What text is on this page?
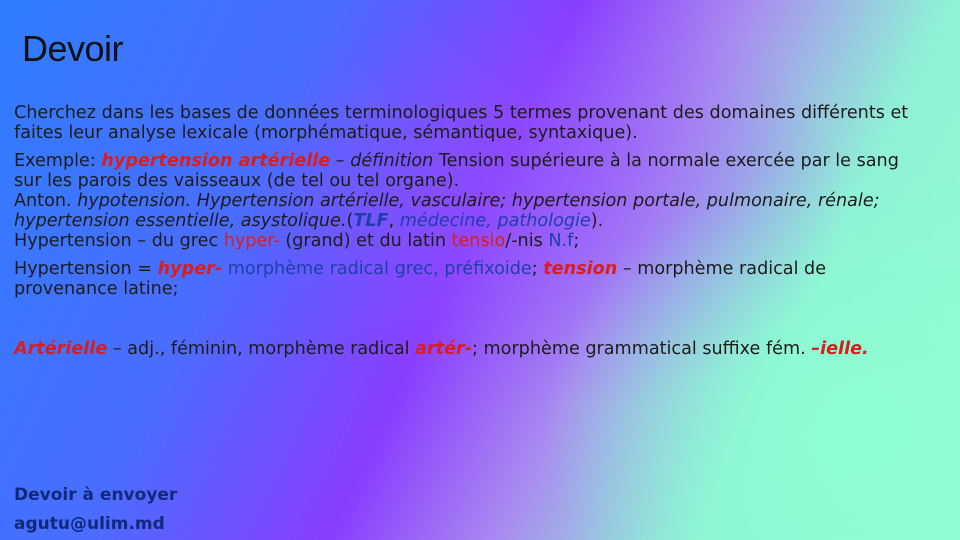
Devoir

Cherchez dans les bases de données terminologiques 5 termes provenant des domaines différents et faites leur analyse lexicale (morphématique, sémantique, syntaxique).

Exemple: hypertension artérielle – définition Tension supérieure à la normale exercée par le sang sur les parois des vaisseaux (de tel ou tel organe).
Anton. hypotension. Hypertension artérielle, vasculaire; hypertension portale, pulmonaire, rénale; hypertension essentielle, asystolique.(TLF, médecine, pathologie).
Hypertension – du grec hyper- (grand) et du latin tensio/-nis N.f;

Hypertension = hyper- morphème radical grec, préfixoide; tension – morphème radical de provenance latine;

Artérielle – adj., féminin, morphème radical artér-; morphème grammatical suffixe fém. –ielle.

Devoir à envoyer
agutu@ulim.md
